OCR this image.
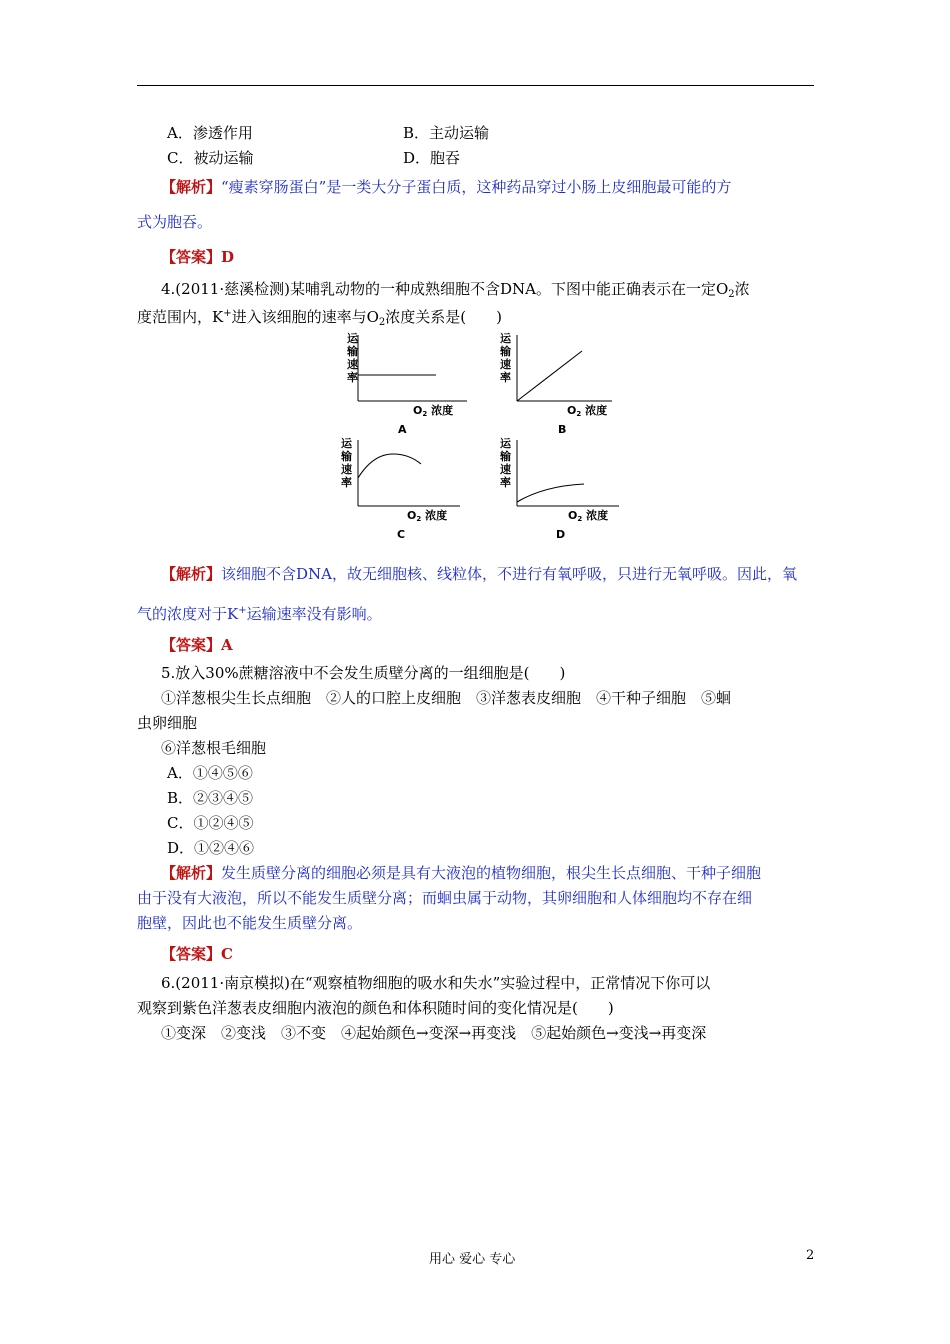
A．渗透作用	B．主动运输
C．被动运输	D．胞吞
【解析】“瘦素穿肠蛋白”是一类大分子蛋白质，这种药品穿过小肠上皮细胞最可能的方
式为胞吞。
【答案】D
4.(2011·慈溪检测)某哺乳动物的一种成熟细胞不含DNA。下图中能正确表示在一定$O_2$浓
度范围内，K+进入该细胞的速率与$O_2$浓度关系是(　　)
运
输
速
率
O2 浓度
A
运
输
速
率
O2 浓度
B
运
输
速
率
O2 浓度
C
运
输
速
率
O2 浓度
D
【解析】该细胞不含DNA，故无细胞核、线粒体，不进行有氧呼吸，只进行无氧呼吸。因此，氧
气的浓度对于K+运输速率没有影响。
【答案】A
5.放入30%蔗糖溶液中不会发生质壁分离的一组细胞是(　　)
①洋葱根尖生长点细胞　②人的口腔上皮细胞　③洋葱表皮细胞　④干种子细胞　⑤蛔
虫卵细胞
⑥洋葱根毛细胞
A．①④⑤⑥
B．②③④⑤
C．①②④⑤
D．①②④⑥
【解析】发生质壁分离的细胞必须是具有大液泡的植物细胞，根尖生长点细胞、干种子细胞
由于没有大液泡，所以不能发生质壁分离；而蛔虫属于动物，其卵细胞和人体细胞均不存在细
胞壁，因此也不能发生质壁分离。
【答案】C
6.(2011·南京模拟)在“观察植物细胞的吸水和失水”实验过程中，正常情况下你可以
观察到紫色洋葱表皮细胞内液泡的颜色和体积随时间的变化情况是(　　)
①变深　②变浅　③不变　④起始颜色→变深→再变浅　⑤起始颜色→变浅→再变深
用心 爱心 专心	2
